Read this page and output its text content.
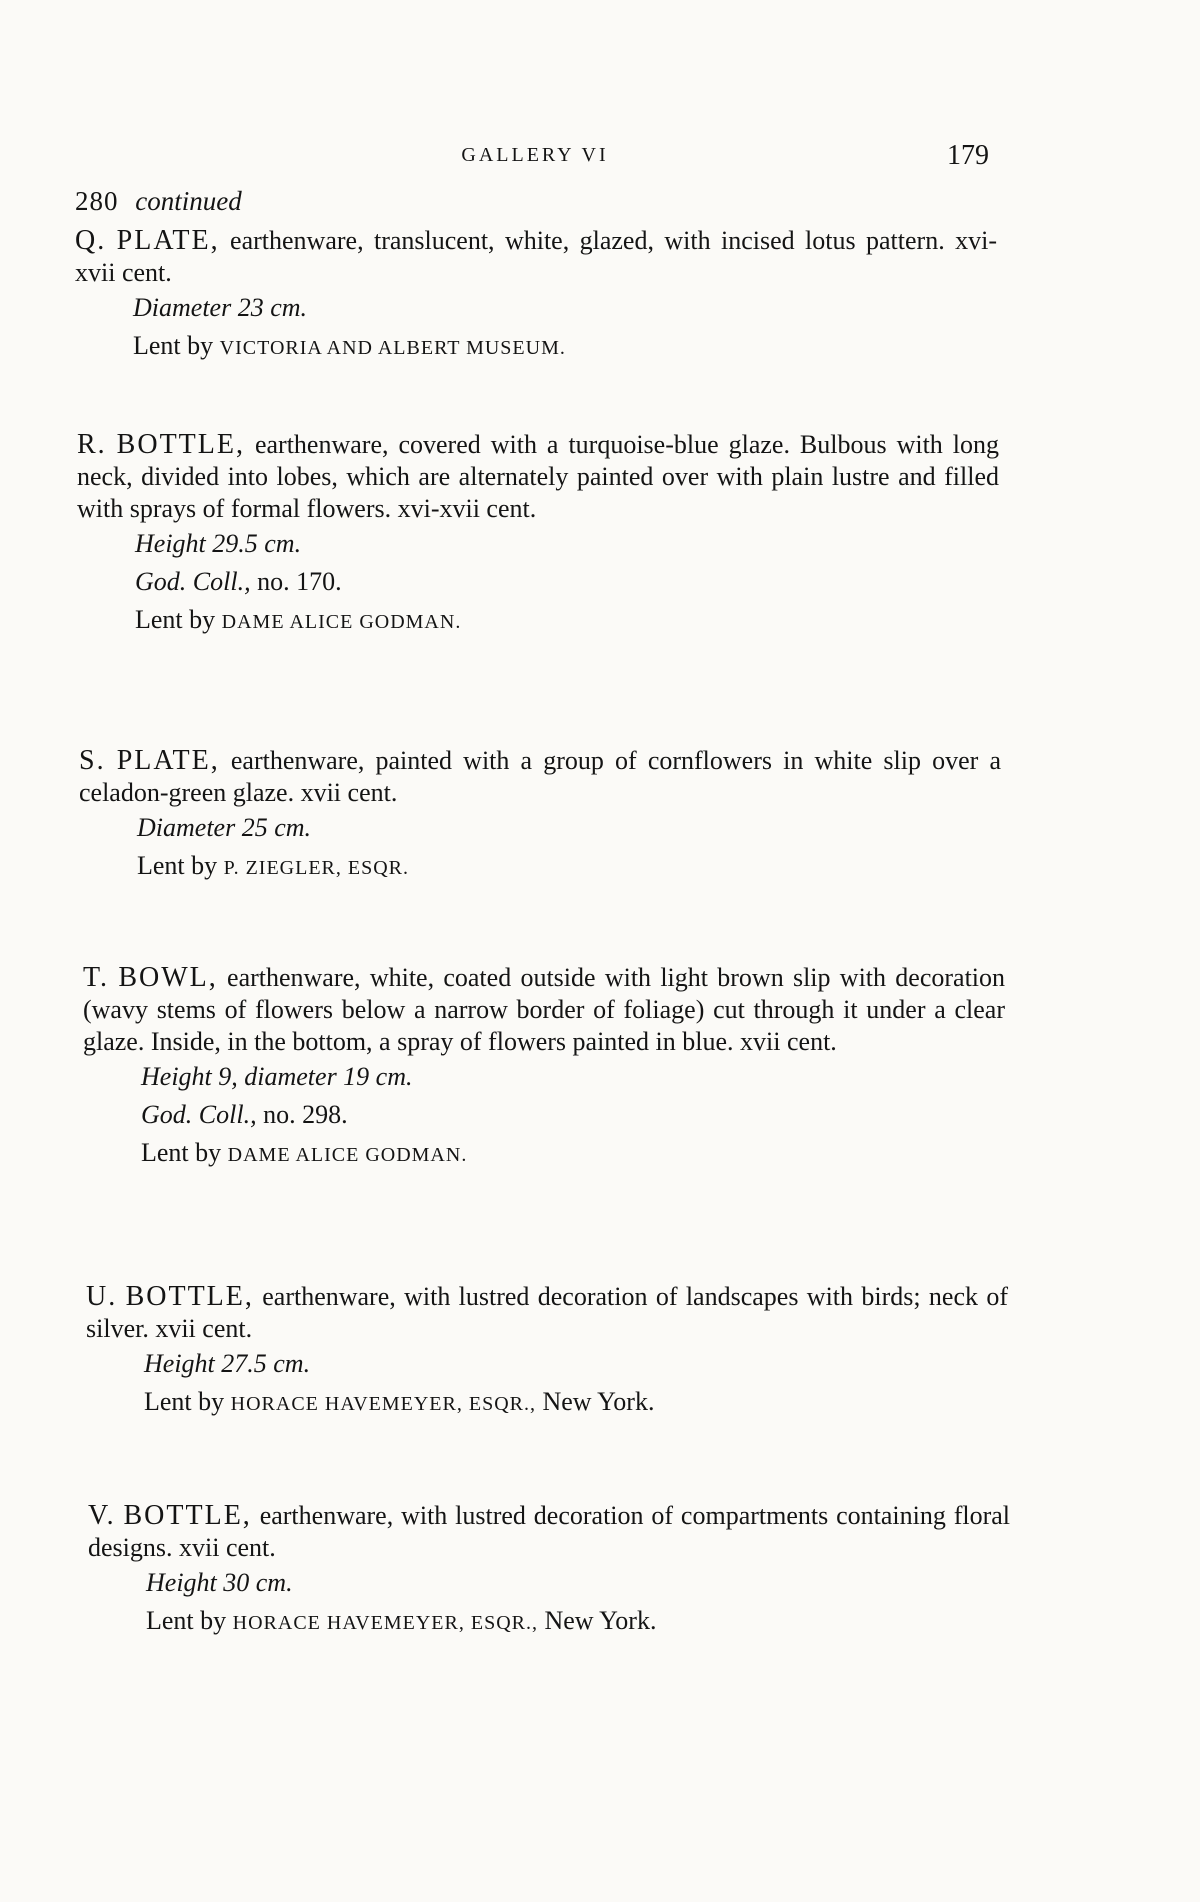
GALLERY VI	179
280 continued

Q. PLATE, earthenware, translucent, white, glazed, with incised lotus pattern. xvi-xvii cent.

Diameter 23 cm.
Lent by VICTORIA AND ALBERT MUSEUM.

R. BOTTLE, earthenware, covered with a turquoise-blue glaze. Bulbous with long neck, divided into lobes, which are alternately painted over with plain lustre and filled with sprays of formal flowers. xvi-xvii cent.

Height 29.5 cm.
God. Coll., no. 170.
Lent by DAME ALICE GODMAN.

S. PLATE, earthenware, painted with a group of cornflowers in white slip over a celadon-green glaze. xvii cent.

Diameter 25 cm.
Lent by P. ZIEGLER, ESQR.

T. BOWL, earthenware, white, coated outside with light brown slip with decoration (wavy stems of flowers below a narrow border of foliage) cut through it under a clear glaze. Inside, in the bottom, a spray of flowers painted in blue. xvii cent.

Height 9, diameter 19 cm.
God. Coll., no. 298.
Lent by DAME ALICE GODMAN.

U. BOTTLE, earthenware, with lustred decoration of landscapes with birds; neck of silver. xvii cent.

Height 27.5 cm.
Lent by HORACE HAVEMEYER, ESQR., New York.

V. BOTTLE, earthenware, with lustred decoration of compartments containing floral designs. xvii cent.

Height 30 cm.
Lent by HORACE HAVEMEYER, ESQR., New York.
